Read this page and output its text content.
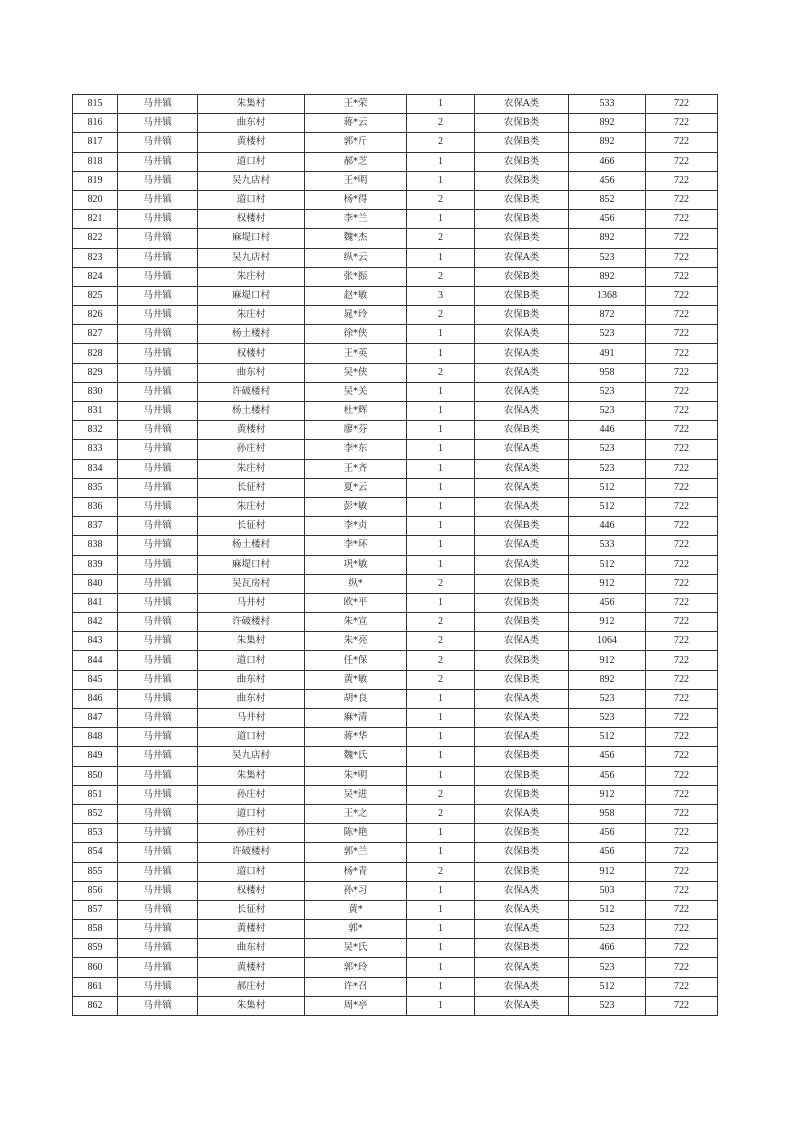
815	马井镇	朱集村	王*荣	1	农保A类	533	722
816	马井镇	曲东村	蒋*云	2	农保B类	892	722
817	马井镇	黄楼村	郭*斤	2	农保B类	892	722
818	马井镇	道口村	郝*芝	1	农保B类	466	722
819	马井镇	吴九店村	王*明	1	农保B类	456	722
820	马井镇	道口村	杨*得	2	农保B类	852	722
821	马井镇	权楼村	李*兰	1	农保B类	456	722
822	马井镇	麻堤口村	魏*杰	2	农保B类	892	722
823	马井镇	吴九店村	纵*云	1	农保A类	523	722
824	马井镇	朱庄村	张*振	2	农保B类	892	722
825	马井镇	麻堤口村	赵*敏	3	农保B类	1368	722
826	马井镇	朱庄村	晁*玲	2	农保B类	872	722
827	马井镇	杨土楼村	徐*侠	1	农保A类	523	722
828	马井镇	权楼村	王*英	1	农保A类	491	722
829	马井镇	曲东村	吴*侠	2	农保A类	958	722
830	马井镇	许破楼村	吴*关	1	农保A类	523	722
831	马井镇	杨土楼村	杜*辉	1	农保A类	523	722
832	马井镇	黄楼村	廖*芬	1	农保B类	446	722
833	马井镇	孙庄村	李*东	1	农保A类	523	722
834	马井镇	朱庄村	王*齐	1	农保A类	523	722
835	马井镇	长征村	夏*云	1	农保A类	512	722
836	马井镇	朱庄村	彭*敏	1	农保A类	512	722
837	马井镇	长征村	李*贞	1	农保B类	446	722
838	马井镇	杨土楼村	李*环	1	农保A类	533	722
839	马井镇	麻堤口村	巩*敏	1	农保A类	512	722
840	马井镇	吴瓦房村	纵*	2	农保B类	912	722
841	马井镇	马井村	欧*平	1	农保B类	456	722
842	马井镇	许破楼村	朱*宣	2	农保B类	912	722
843	马井镇	朱集村	朱*亮	2	农保A类	1064	722
844	马井镇	道口村	任*保	2	农保B类	912	722
845	马井镇	曲东村	黄*敏	2	农保B类	892	722
846	马井镇	曲东村	胡*良	1	农保A类	523	722
847	马井镇	马井村	麻*清	1	农保A类	523	722
848	马井镇	道口村	蒋*华	1	农保A类	512	722
849	马井镇	吴九店村	魏*氏	1	农保B类	456	722
850	马井镇	朱集村	朱*明	1	农保B类	456	722
851	马井镇	孙庄村	吴*进	2	农保B类	912	722
852	马井镇	道口村	王*之	2	农保A类	958	722
853	马井镇	孙庄村	陈*艳	1	农保B类	456	722
854	马井镇	许破楼村	郭*兰	1	农保B类	456	722
855	马井镇	道口村	杨*青	2	农保B类	912	722
856	马井镇	权楼村	孙*习	1	农保A类	503	722
857	马井镇	长征村	黄*	1	农保A类	512	722
858	马井镇	黄楼村	郭*	1	农保A类	523	722
859	马井镇	曲东村	吴*氏	1	农保B类	466	722
860	马井镇	黄楼村	郭*玲	1	农保A类	523	722
861	马井镇	郝庄村	许*召	1	农保A类	512	722
862	马井镇	朱集村	周*亭	1	农保A类	523	722
